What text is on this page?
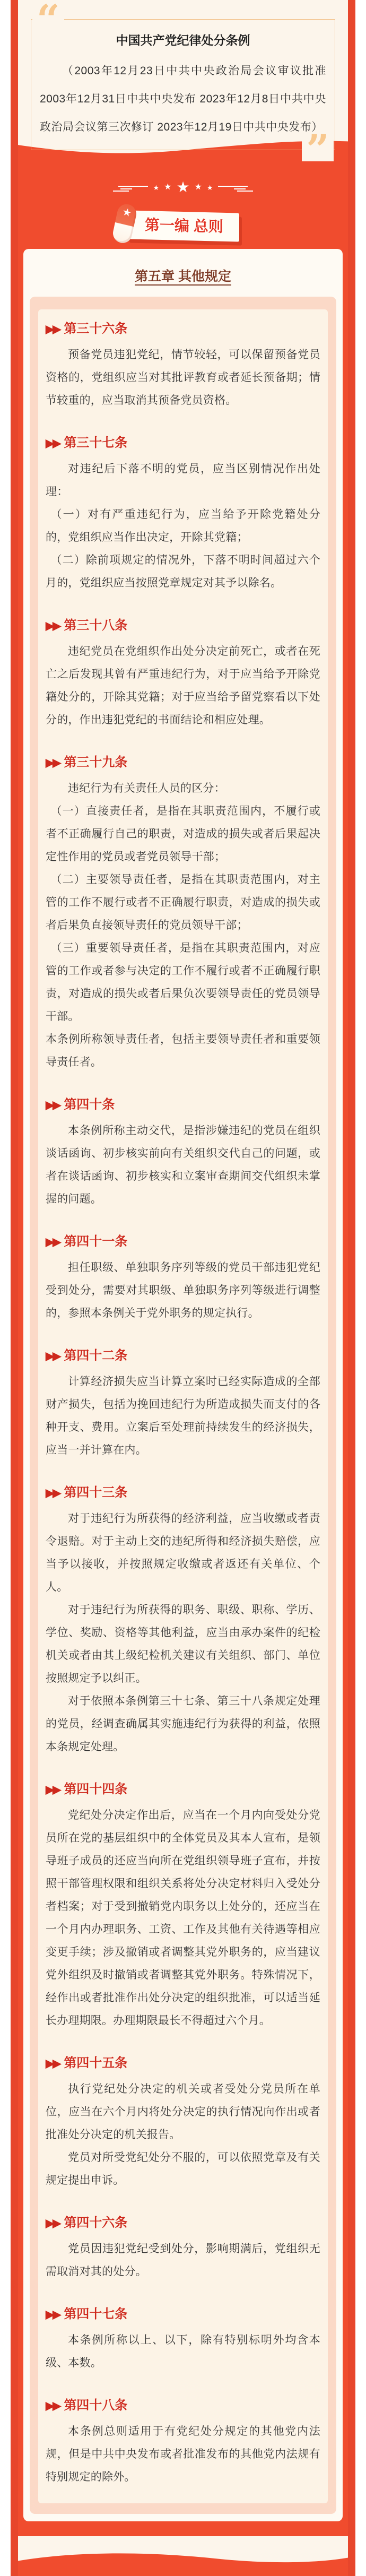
“
”
中国共产党纪律处分条例

（2003年12月23日中共中央政治局会议审议批准 2003年12月31日中共中央发布 2023年12月8日中共中央政治局会议第三次修订 2023年12月19日中共中央发布）

★ ★ ★ ★ ★
★
第一编 总则
第五章 其他规定
▶▶ 第三十六条

预备党员违犯党纪，情节较轻，可以保留预备党员资格的，党组织应当对其批评教育或者延长预备期；情节较重的，应当取消其预备党员资格。

▶▶ 第三十七条

对违纪后下落不明的党员，应当区别情况作出处理：

（一）对有严重违纪行为，应当给予开除党籍处分的，党组织应当作出决定，开除其党籍；

（二）除前项规定的情况外，下落不明时间超过六个月的，党组织应当按照党章规定对其予以除名。

▶▶ 第三十八条

违纪党员在党组织作出处分决定前死亡，或者在死亡之后发现其曾有严重违纪行为，对于应当给予开除党籍处分的，开除其党籍；对于应当给予留党察看以下处分的，作出违犯党纪的书面结论和相应处理。

▶▶ 第三十九条

违纪行为有关责任人员的区分：

（一）直接责任者，是指在其职责范围内，不履行或者不正确履行自己的职责，对造成的损失或者后果起决定性作用的党员或者党员领导干部；

（二）主要领导责任者，是指在其职责范围内，对主管的工作不履行或者不正确履行职责，对造成的损失或者后果负直接领导责任的党员领导干部；

（三）重要领导责任者，是指在其职责范围内，对应管的工作或者参与决定的工作不履行或者不正确履行职责，对造成的损失或者后果负次要领导责任的党员领导干部。

本条例所称领导责任者，包括主要领导责任者和重要领导责任者。

▶▶ 第四十条

本条例所称主动交代，是指涉嫌违纪的党员在组织谈话函询、初步核实前向有关组织交代自己的问题，或者在谈话函询、初步核实和立案审查期间交代组织未掌握的问题。

▶▶ 第四十一条

担任职级、单独职务序列等级的党员干部违犯党纪受到处分，需要对其职级、单独职务序列等级进行调整的，参照本条例关于党外职务的规定执行。

▶▶ 第四十二条

计算经济损失应当计算立案时已经实际造成的全部财产损失，包括为挽回违纪行为所造成损失而支付的各种开支、费用。立案后至处理前持续发生的经济损失，应当一并计算在内。

▶▶ 第四十三条

对于违纪行为所获得的经济利益，应当收缴或者责令退赔。对于主动上交的违纪所得和经济损失赔偿，应当予以接收，并按照规定收缴或者返还有关单位、个人。

对于违纪行为所获得的职务、职级、职称、学历、学位、奖励、资格等其他利益，应当由承办案件的纪检机关或者由其上级纪检机关建议有关组织、部门、单位按照规定予以纠正。

对于依照本条例第三十七条、第三十八条规定处理的党员，经调查确属其实施违纪行为获得的利益，依照本条规定处理。

▶▶ 第四十四条

党纪处分决定作出后，应当在一个月内向受处分党员所在党的基层组织中的全体党员及其本人宣布，是领导班子成员的还应当向所在党组织领导班子宣布，并按照干部管理权限和组织关系将处分决定材料归入受处分者档案；对于受到撤销党内职务以上处分的，还应当在一个月内办理职务、工资、工作及其他有关待遇等相应变更手续；涉及撤销或者调整其党外职务的，应当建议党外组织及时撤销或者调整其党外职务。特殊情况下，经作出或者批准作出处分决定的组织批准，可以适当延长办理期限。办理期限最长不得超过六个月。

▶▶ 第四十五条

执行党纪处分决定的机关或者受处分党员所在单位，应当在六个月内将处分决定的执行情况向作出或者批准处分决定的机关报告。

党员对所受党纪处分不服的，可以依照党章及有关规定提出申诉。

▶▶ 第四十六条

党员因违犯党纪受到处分，影响期满后，党组织无需取消对其的处分。

▶▶ 第四十七条

本条例所称以上、以下，除有特别标明外均含本级、本数。

▶▶ 第四十八条

本条例总则适用于有党纪处分规定的其他党内法规，但是中共中央发布或者批准发布的其他党内法规有特别规定的除外。
